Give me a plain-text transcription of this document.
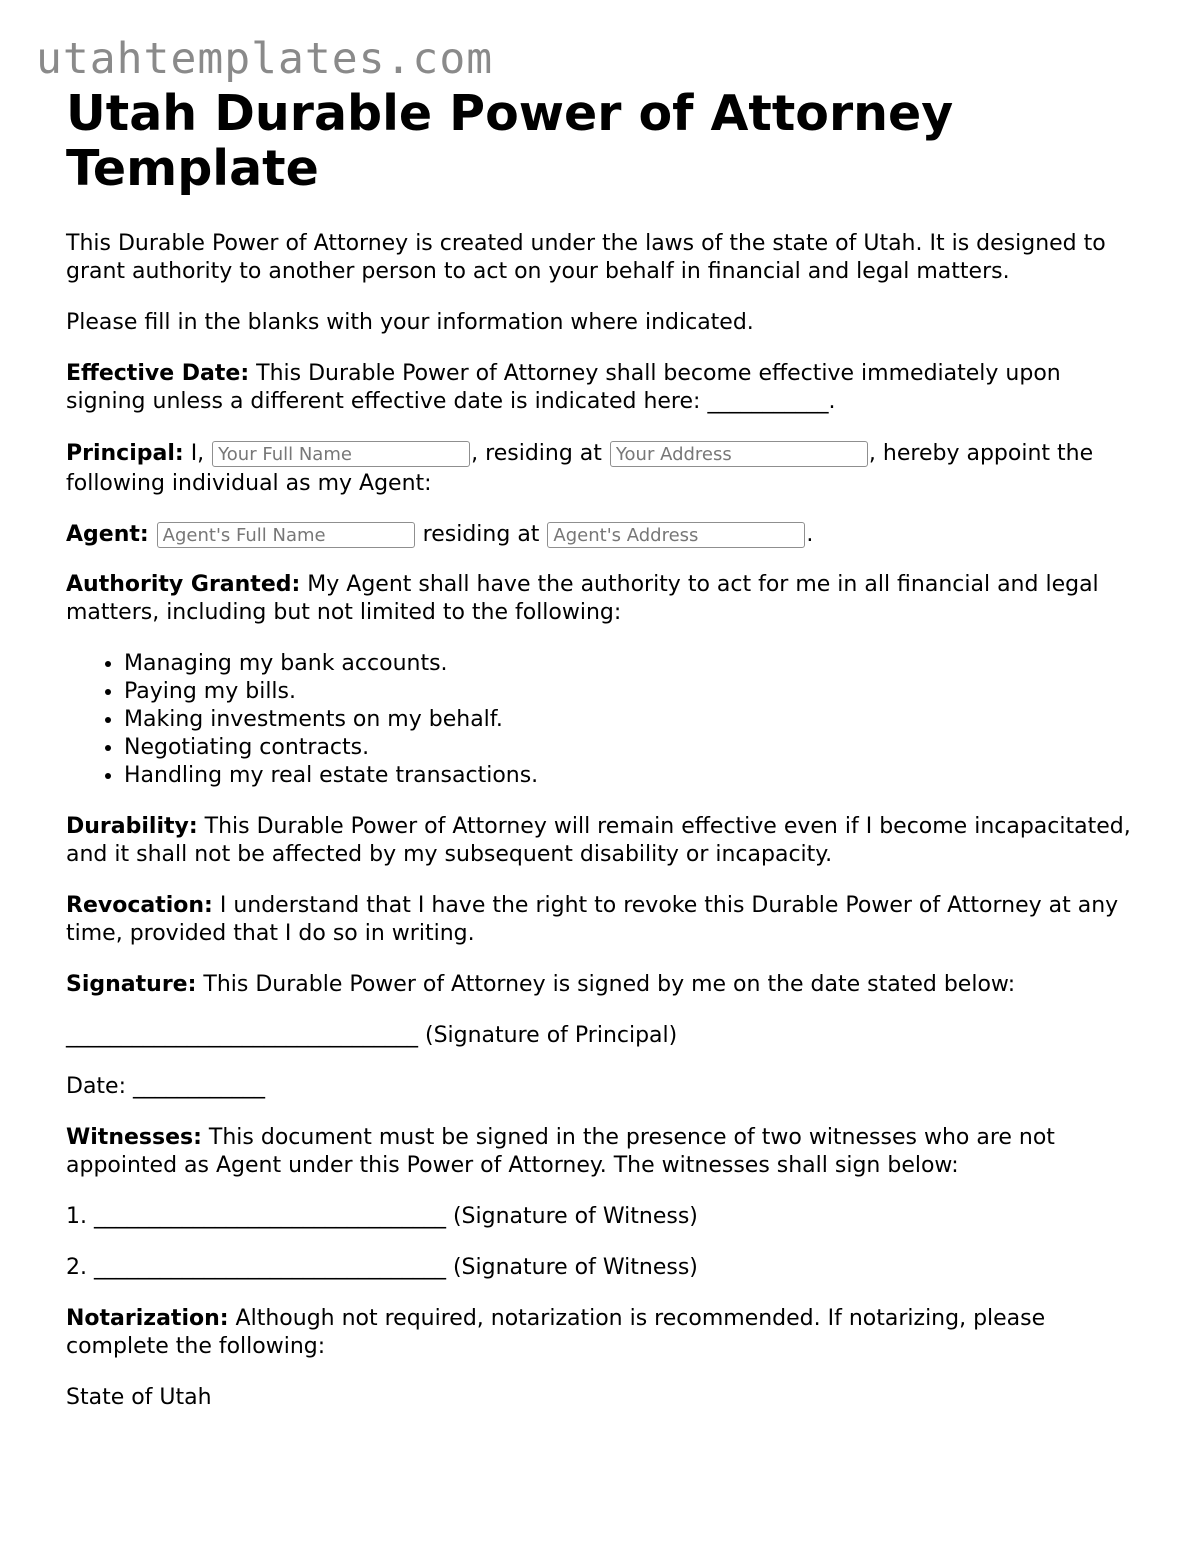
utahtemplates.com
Utah Durable Power of Attorney Template

This Durable Power of Attorney is created under the laws of the state of Utah. It is designed to grant authority to another person to act on your behalf in financial and legal matters.

Please fill in the blanks with your information where indicated.

Effective Date: This Durable Power of Attorney shall become effective immediately upon signing unless a different effective date is indicated here: ___________.

Principal: I, Your Full Name	, residing at Your Address	, hereby appoint the following individual as my Agent:

Agent: Agent's Full Name	residing at Agent's Address	.

Authority Granted: My Agent shall have the authority to act for me in all financial and legal matters, including but not limited to the following:

• Managing my bank accounts.
• Paying my bills.
• Making investments on my behalf.
• Negotiating contracts.
• Handling my real estate transactions.

Durability: This Durable Power of Attorney will remain effective even if I become incapacitated, and it shall not be affected by my subsequent disability or incapacity.

Revocation: I understand that I have the right to revoke this Durable Power of Attorney at any time, provided that I do so in writing.

Signature: This Durable Power of Attorney is signed by me on the date stated below:

________________________________ (Signature of Principal)

Date: ____________

Witnesses: This document must be signed in the presence of two witnesses who are not appointed as Agent under this Power of Attorney. The witnesses shall sign below:

1. ________________________________ (Signature of Witness)

2. ________________________________ (Signature of Witness)

Notarization: Although not required, notarization is recommended. If notarizing, please complete the following:

State of Utah
